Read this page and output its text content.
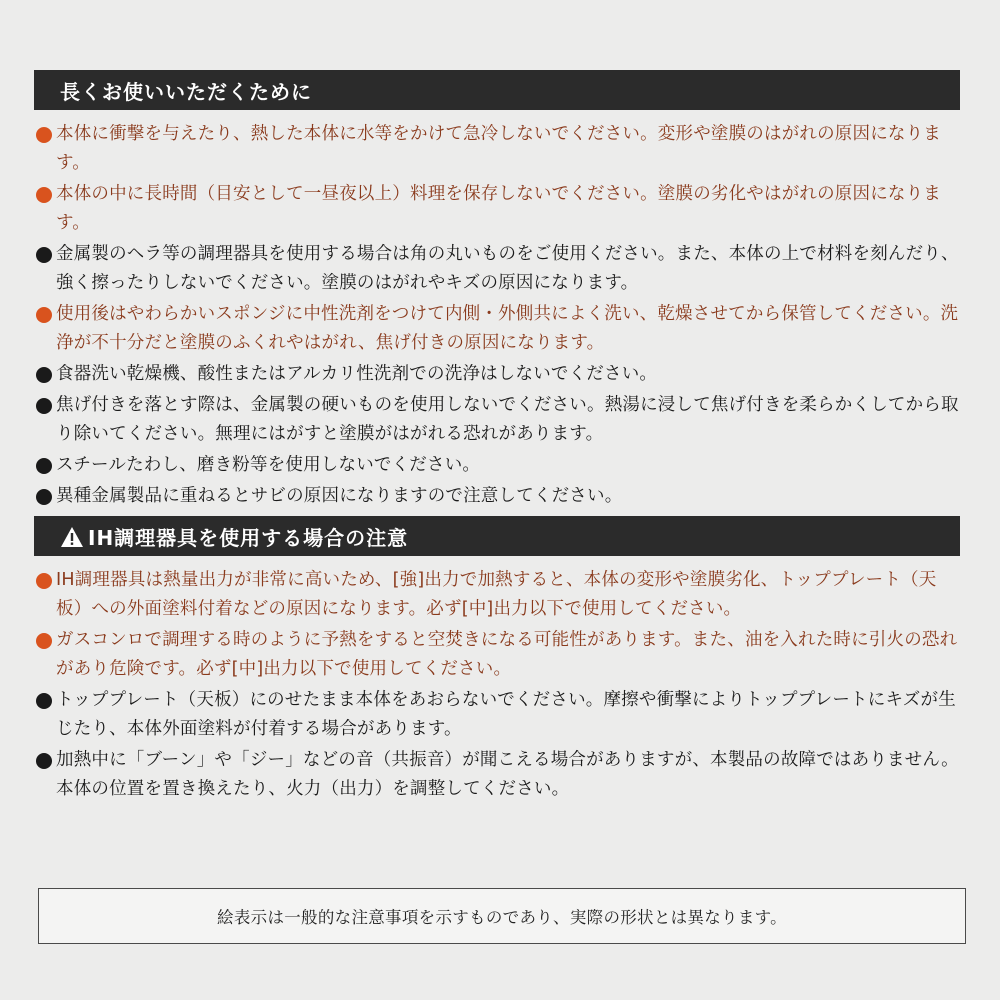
長くお使いいただくために
本体に衝撃を与えたり、熱した本体に水等をかけて急冷しないでください。変形や塗膜のはがれの原因になります。
本体の中に長時間（目安として一昼夜以上）料理を保存しないでください。塗膜の劣化やはがれの原因になります。
金属製のヘラ等の調理器具を使用する場合は角の丸いものをご使用ください。また、本体の上で材料を刻んだり、強く擦ったりしないでください。塗膜のはがれやキズの原因になります。
使用後はやわらかいスポンジに中性洗剤をつけて内側・外側共によく洗い、乾燥させてから保管してください。洗浄が不十分だと塗膜のふくれやはがれ、焦げ付きの原因になります。
食器洗い乾燥機、酸性またはアルカリ性洗剤での洗浄はしないでください。
焦げ付きを落とす際は、金属製の硬いものを使用しないでください。熱湯に浸して焦げ付きを柔らかくしてから取り除いてください。無理にはがすと塗膜がはがれる恐れがあります。
スチールたわし、磨き粉等を使用しないでください。
異種金属製品に重ねるとサビの原因になりますので注意してください。
IH調理器具を使用する場合の注意
IH調理器具は熱量出力が非常に高いため、[強]出力で加熱すると、本体の変形や塗膜劣化、トッププレート（天板）への外面塗料付着などの原因になります。必ず[中]出力以下で使用してください。
ガスコンロで調理する時のように予熱をすると空焚きになる可能性があります。また、油を入れた時に引火の恐れがあり危険です。必ず[中]出力以下で使用してください。
トッププレート（天板）にのせたまま本体をあおらないでください。摩擦や衝撃によりトッププレートにキズが生じたり、本体外面塗料が付着する場合があります。
加熱中に「ブーン」や「ジー」などの音（共振音）が聞こえる場合がありますが、本製品の故障ではありません。本体の位置を置き換えたり、火力（出力）を調整してください。
絵表示は一般的な注意事項を示すものであり、実際の形状とは異なります。
